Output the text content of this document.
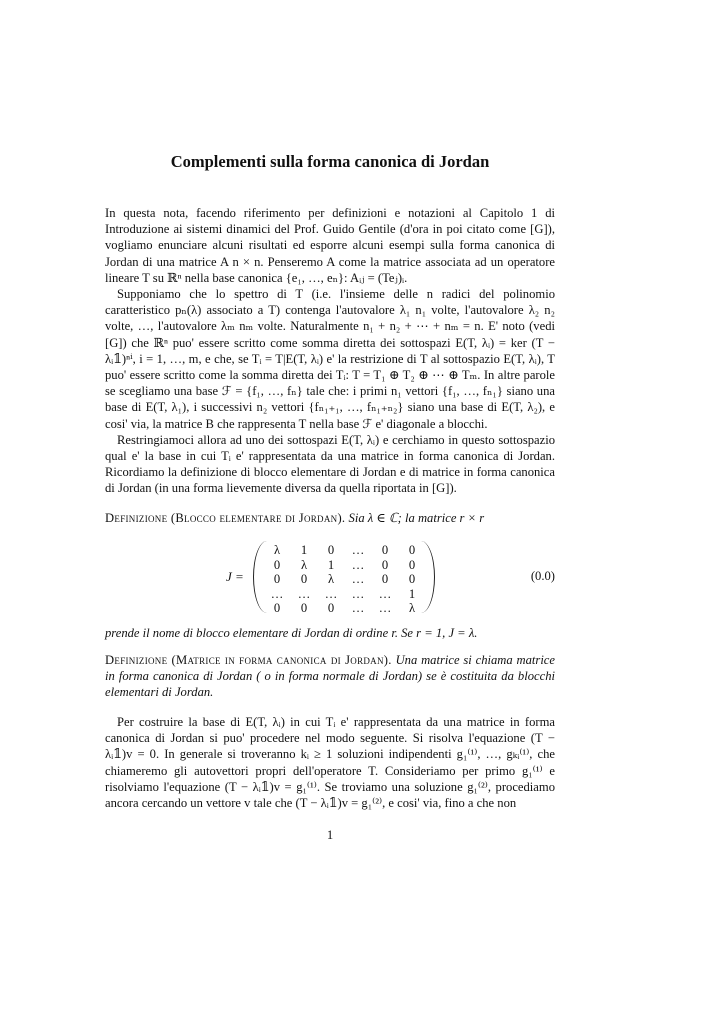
Complementi sulla forma canonica di Jordan

In questa nota, facendo riferimento per definizioni e notazioni al Capitolo 1 di Introduzione ai sistemi dinamici del Prof. Guido Gentile (d'ora in poi citato come [G]), vogliamo enunciare alcuni risultati ed esporre alcuni esempi sulla forma canonica di Jordan di una matrice A n × n. Penseremo A come la matrice associata ad un operatore lineare T su ℝⁿ nella base canonica {e₁, …, eₙ}: Aᵢⱼ = (Teⱼ)ᵢ.

Supponiamo che lo spettro di T (i.e. l'insieme delle n radici del polinomio caratteristico pₙ(λ) associato a T) contenga l'autovalore λ₁ n₁ volte, l'autovalore λ₂ n₂ volte, …, l'autovalore λₘ nₘ volte. Naturalmente n₁ + n₂ + ⋯ + nₘ = n. E' noto (vedi [G]) che ℝⁿ puo' essere scritto come somma diretta dei sottospazi E(T, λᵢ) = ker (T − λᵢ𝟙)ⁿⁱ, i = 1, …, m, e che, se Tᵢ = T|E(T, λᵢ) e' la restrizione di T al sottospazio E(T, λᵢ), T puo' essere scritto come la somma diretta dei Tᵢ: T = T₁ ⊕ T₂ ⊕ ⋯ ⊕ Tₘ. In altre parole se scegliamo una base ℱ = {f₁, …, fₙ} tale che: i primi n₁ vettori {f₁, …, fₙ₁} siano una base di E(T, λ₁), i successivi n₂ vettori {fₙ₁₊₁, …, fₙ₁₊ₙ₂} siano una base di E(T, λ₂), e cosi' via, la matrice B che rappresenta T nella base ℱ e' diagonale a blocchi.

Restringiamoci allora ad uno dei sottospazi E(T, λᵢ) e cerchiamo in questo sottospazio qual e' la base in cui Tᵢ e' rappresentata da una matrice in forma canonica di Jordan. Ricordiamo la definizione di blocco elementare di Jordan e di matrice in forma canonica di Jordan (in una forma lievemente diversa da quella riportata in [G]).

Definizione (Blocco elementare di Jordan). Sia λ ∈ ℂ; la matrice r × r
J =
λ	1	0	…	0	0
0	λ	1	…	0	0
0	0	λ	…	0	0
…	…	…	…	…	1
0	0	0	…	…	λ
(0.0)
prende il nome di blocco elementare di Jordan di ordine r. Se r = 1, J = λ.
Definizione (Matrice in forma canonica di Jordan). Una matrice si chiama matrice in forma canonica di Jordan ( o in forma normale di Jordan) se è costituita da blocchi elementari di Jordan.

Per costruire la base di E(T, λᵢ) in cui Tᵢ e' rappresentata da una matrice in forma canonica di Jordan si puo' procedere nel modo seguente. Si risolva l'equazione (T − λᵢ𝟙)v = 0. In generale si troveranno kᵢ ≥ 1 soluzioni indipendenti g₁⁽¹⁾, …, gₖᵢ⁽¹⁾, che chiameremo gli autovettori propri dell'operatore T. Consideriamo per primo g₁⁽¹⁾ e risolviamo l'equazione (T − λᵢ𝟙)v = g₁⁽¹⁾. Se troviamo una soluzione g₁⁽²⁾, procediamo ancora cercando un vettore v tale che (T − λᵢ𝟙)v = g₁⁽²⁾, e cosi' via, fino a che non

1
